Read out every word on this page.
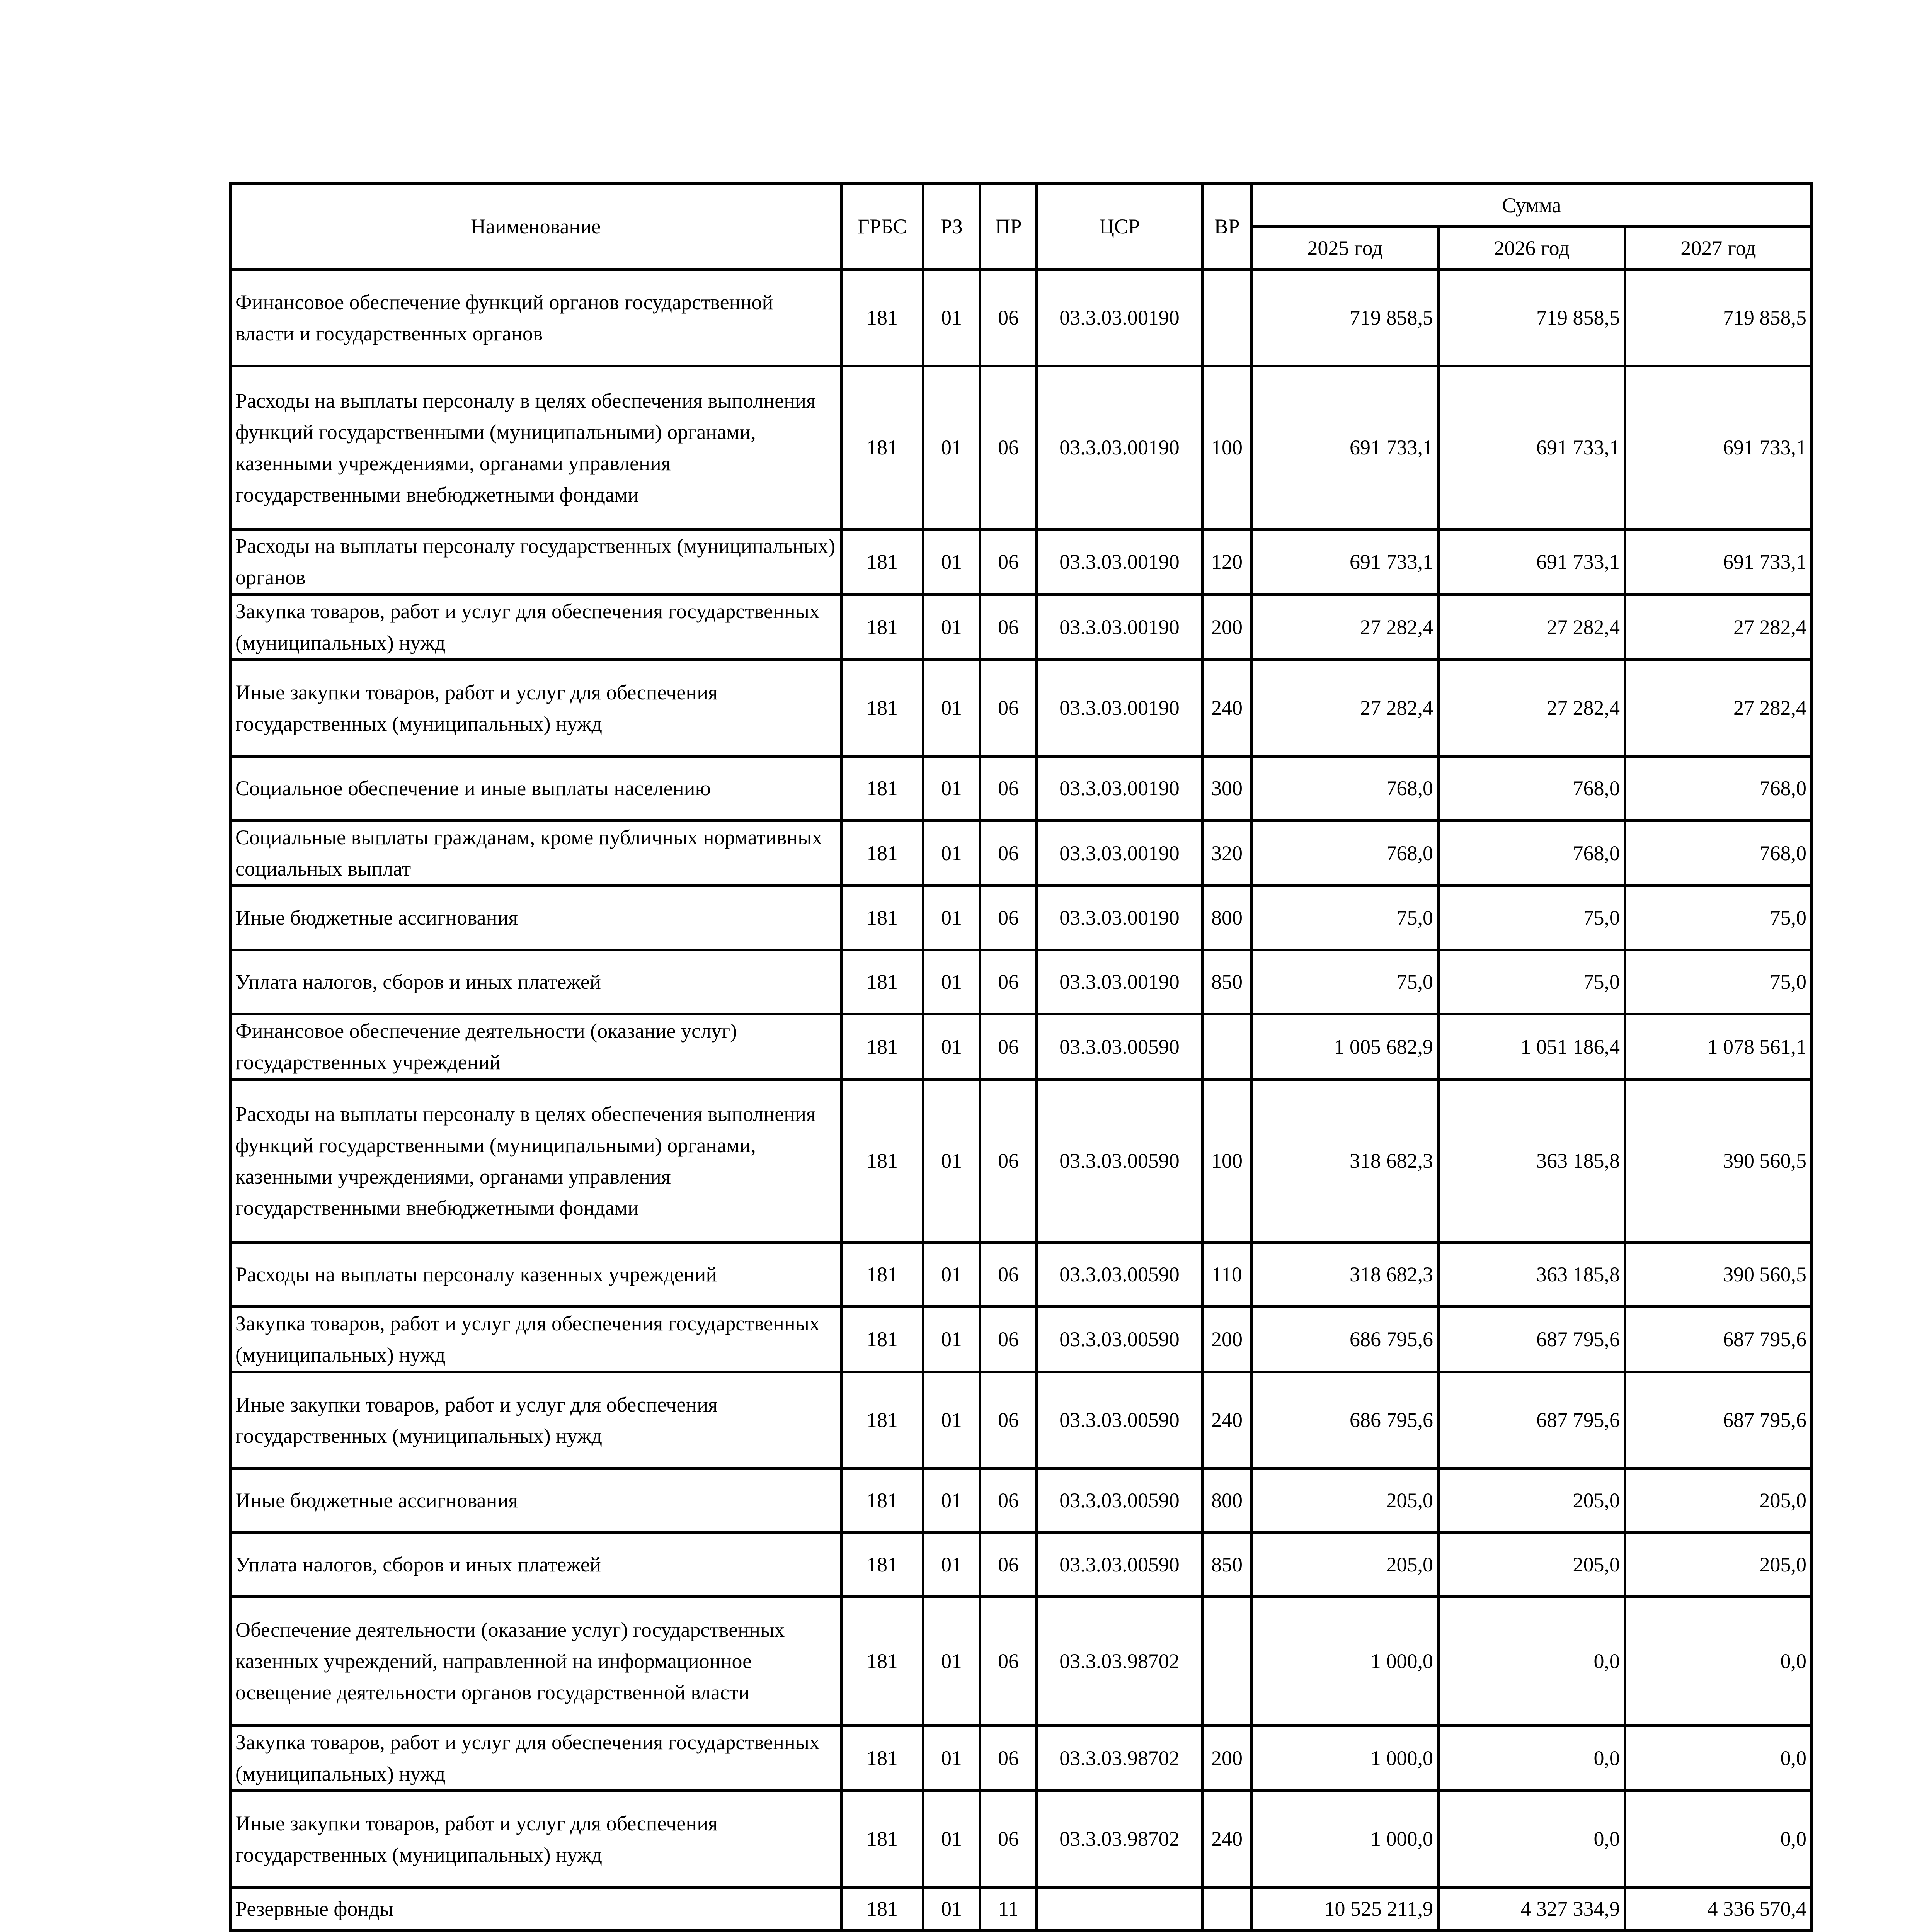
Наименование	ГРБС	РЗ	ПР	ЦСР	ВР	Сумма		
						2025 год	2026 год	2027 год
Финансовое обеспечение функций органов государственной власти и государственных органов	181	01	06	03.3.03.00190		719 858,5	719 858,5	719 858,5
Расходы на выплаты персоналу в целях обеспечения выполнения функций государственными (муниципальными) органами, казенными учреждениями, органами управления государственными внебюджетными фондами	181	01	06	03.3.03.00190	100	691 733,1	691 733,1	691 733,1
Расходы на выплаты персоналу государственных (муниципальных) органов	181	01	06	03.3.03.00190	120	691 733,1	691 733,1	691 733,1
Закупка товаров, работ и услуг для обеспечения государственных (муниципальных) нужд	181	01	06	03.3.03.00190	200	27 282,4	27 282,4	27 282,4
Иные закупки товаров, работ и услуг для обеспечения государственных (муниципальных) нужд	181	01	06	03.3.03.00190	240	27 282,4	27 282,4	27 282,4
Социальное обеспечение и иные выплаты населению	181	01	06	03.3.03.00190	300	768,0	768,0	768,0
Социальные выплаты гражданам, кроме публичных нормативных социальных выплат	181	01	06	03.3.03.00190	320	768,0	768,0	768,0
Иные бюджетные ассигнования	181	01	06	03.3.03.00190	800	75,0	75,0	75,0
Уплата налогов, сборов и иных платежей	181	01	06	03.3.03.00190	850	75,0	75,0	75,0
Финансовое обеспечение деятельности (оказание услуг) государственных учреждений	181	01	06	03.3.03.00590		1 005 682,9	1 051 186,4	1 078 561,1
Расходы на выплаты персоналу в целях обеспечения выполнения функций государственными (муниципальными) органами, казенными учреждениями, органами управления государственными внебюджетными фондами	181	01	06	03.3.03.00590	100	318 682,3	363 185,8	390 560,5
Расходы на выплаты персоналу казенных учреждений	181	01	06	03.3.03.00590	110	318 682,3	363 185,8	390 560,5
Закупка товаров, работ и услуг для обеспечения государственных (муниципальных) нужд	181	01	06	03.3.03.00590	200	686 795,6	687 795,6	687 795,6
Иные закупки товаров, работ и услуг для обеспечения государственных (муниципальных) нужд	181	01	06	03.3.03.00590	240	686 795,6	687 795,6	687 795,6
Иные бюджетные ассигнования	181	01	06	03.3.03.00590	800	205,0	205,0	205,0
Уплата налогов, сборов и иных платежей	181	01	06	03.3.03.00590	850	205,0	205,0	205,0
Обеспечение деятельности (оказание услуг) государственных казенных учреждений, направленной на информационное освещение деятельности органов государственной власти	181	01	06	03.3.03.98702		1 000,0	0,0	0,0
Закупка товаров, работ и услуг для обеспечения государственных (муниципальных) нужд	181	01	06	03.3.03.98702	200	1 000,0	0,0	0,0
Иные закупки товаров, работ и услуг для обеспечения государственных (муниципальных) нужд	181	01	06	03.3.03.98702	240	1 000,0	0,0	0,0
Резервные фонды	181	01	11			10 525 211,9	4 327 334,9	4 336 570,4
